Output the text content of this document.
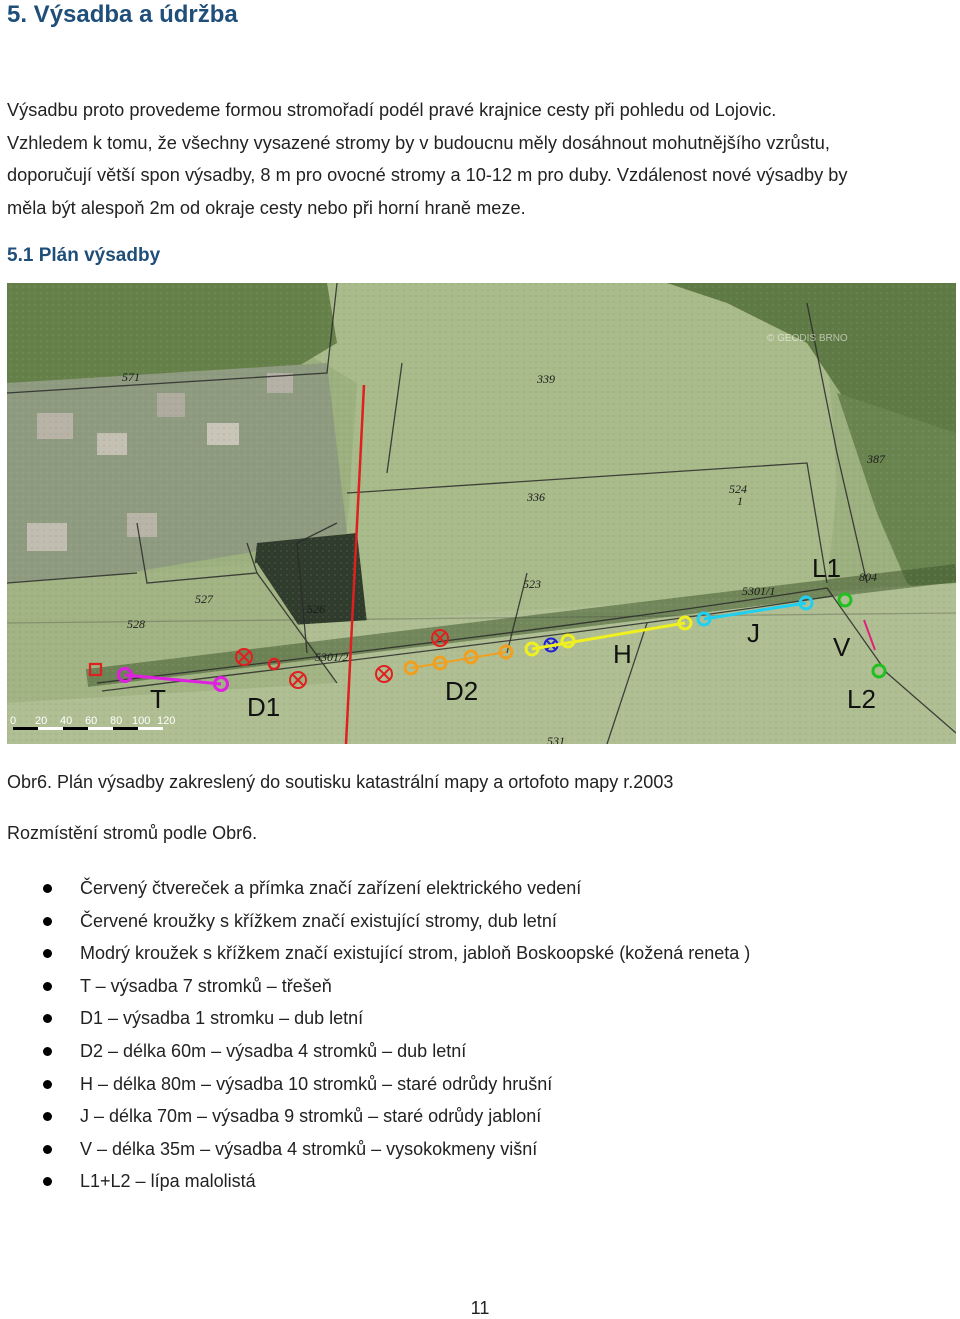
5. Výsadba a údržba
Výsadbu proto provedeme formou stromořadí podél pravé krajnice cesty při pohledu od Lojovic.
Vzhledem k tomu, že všechny vysazené stromy by v budoucnu měly dosáhnout mohutnějšího vzrůstu,
doporučují větší spon výsadby, 8 m pro ovocné stromy a 10-12 m pro duby. Vzdálenost nové výsadby by
měla být alespoň 2m od okraje cesty nebo při horní hraně meze.
5.1 Plán výsadby
571	339
336
524
387
527
526
523	5301/1
804
5301/2
531
528
1
© GEODIS BRNO
T	D1
D2
H
J	V
L1
L2
0 20 40 60 80 100 120
Obr6. Plán výsadby zakreslený do soutisku katastrální mapy a ortofoto mapy r.2003
Rozmístění stromů podle Obr6.
Červený čtvereček a přímka značí zařízení elektrického vedení
Červené kroužky s křížkem značí existující stromy, dub letní
Modrý kroužek s křížkem značí existující strom, jabloň Boskoopské (kožená reneta )
T – výsadba 7 stromků – třešeň
D1 – výsadba 1 stromku – dub letní
D2 – délka 60m – výsadba 4 stromků – dub letní
H – délka 80m – výsadba 10 stromků – staré odrůdy hrušní
J – délka 70m – výsadba 9 stromků – staré odrůdy jabloní
V – délka 35m – výsadba 4 stromků – vysokokmeny višní
L1+L2 – lípa malolistá
11
